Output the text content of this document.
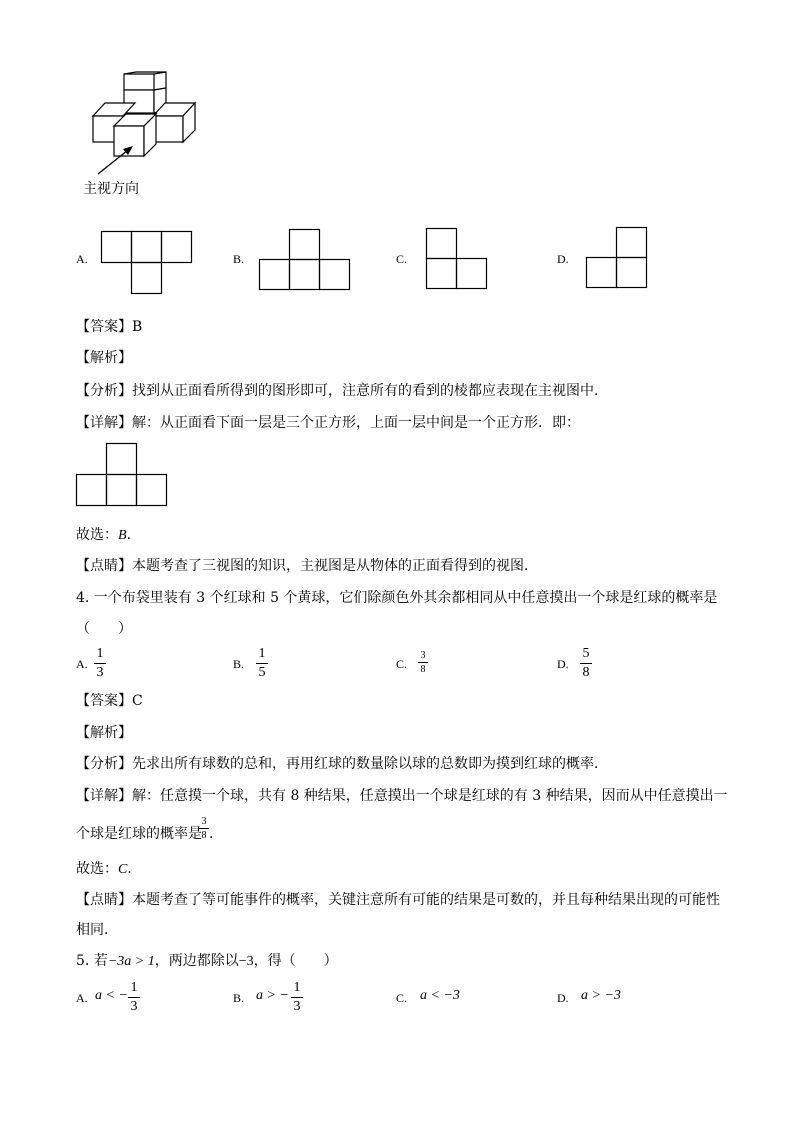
主视方向
A.	B.	C.	D.
【答案】B
【解析】
【分析】找到从正面看所得到的图形即可，注意所有的看到的棱都应表现在主视图中．
【详解】解：从正面看下面一层是三个正方形，上面一层中间是一个正方形．即：
故选：B．
【点睛】本题考查了三视图的知识，主视图是从物体的正面看得到的视图．
4. 一个布袋里装有 3 个红球和 5 个黄球，它们除颜色外其余都相同从中任意摸出一个球是红球的概率是
（　　）
A.
1
3
B.
1
5
C.
3
8	D.
5
8
【答案】C
【解析】
【分析】先求出所有球数的总和，再用红球的数量除以球的总数即为摸到红球的概率．
【详解】解：任意摸一个球，共有 8 种结果，任意摸出一个球是红球的有 3 种结果，因而从中任意摸出一
个球是红球的概率是
3
8 ．
故选：C．
【点睛】本题考查了等可能事件的概率，关键注意所有可能的结果是可数的，并且每种结果出现的可能性
相同．
5. 若−3a > 1，两边都除以−3，得（　　）
A. a < −
1
3
B. a > −
1
3
C. a < −3	D. a > −3
